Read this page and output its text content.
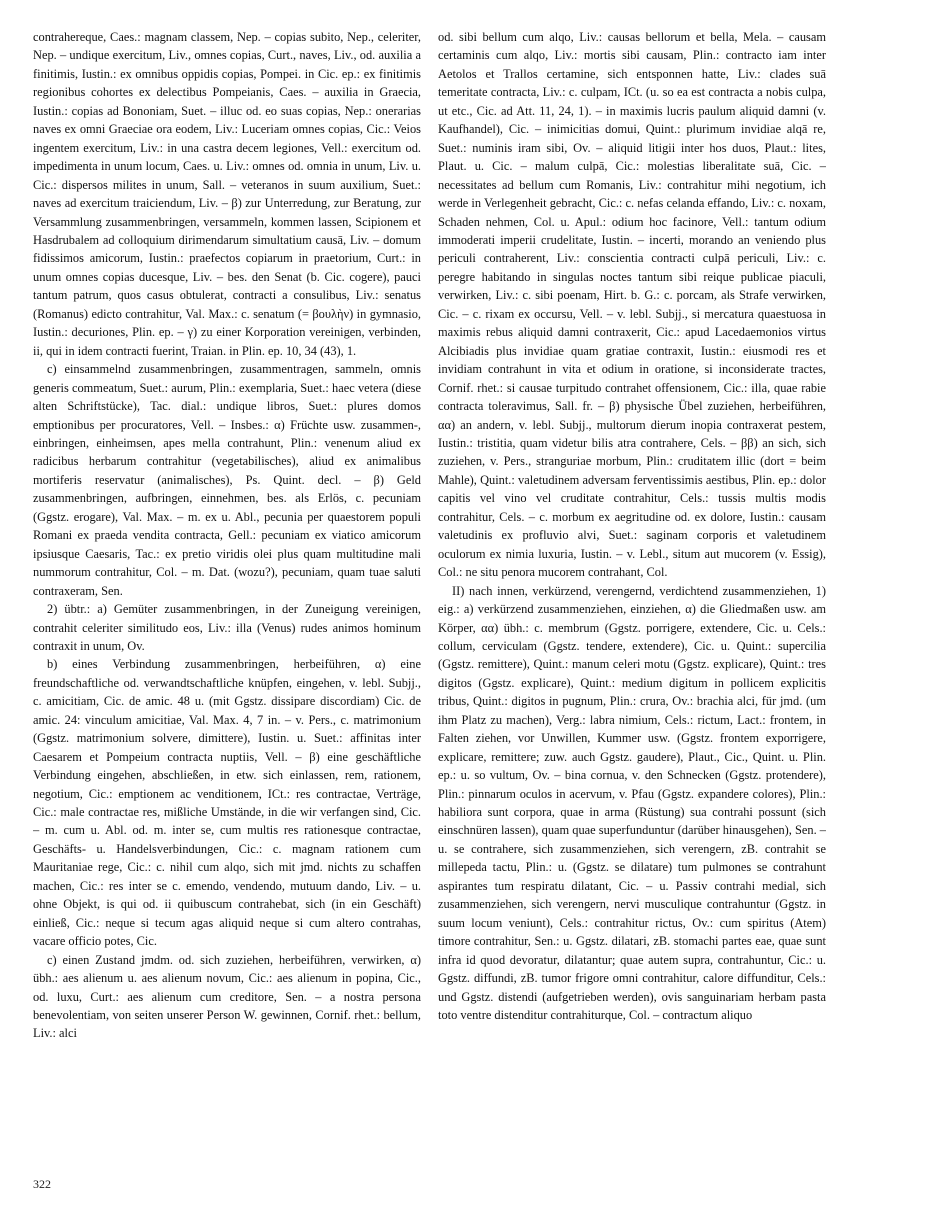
contrahereque, Caes.: magnam classem, Nep. – copias subito, Nep., celeriter, Nep. – undique exercitum, Liv., omnes copias, Curt., naves, Liv., od. auxilia a finitimis, Iustin.: ex omnibus oppidis copias, Pompei. in Cic. ep.: ex finitimis regionibus cohortes ex delectibus Pompeianis, Caes. – auxilia in Graecia, Iustin.: copias ad Bononiam, Suet. – illuc od. eo suas copias, Nep.: onerarias naves ex omni Graeciae ora eodem, Liv.: Luceriam omnes copias, Cic.: Veios ingentem exercitum, Liv.: in una castra decem legiones, Vell.: exercitum od. impedimenta in unum locum, Caes. u. Liv.: omnes od. omnia in unum, Liv. u. Cic.: dispersos milites in unum, Sall. – veteranos in suum auxilium, Suet.: naves ad exercitum traiciendum, Liv. – β) zur Unterredung, zur Beratung, zur Versammlung zusammenbringen, versammeln, kommen lassen, Scipionem et Hasdrubalem ad colloquium dirimendarum simultatium causā, Liv. – domum fidissimos amicorum, Iustin.: praefectos copiarum in praetorium, Curt.: in unum omnes copias ducesque, Liv. – bes. den Senat (b. Cic. cogere), pauci tantum patrum, quos casus obtulerat, contracti a consulibus, Liv.: senatus (Romanus) edicto contrahitur, Val. Max.: c. senatum (= βουλὴν) in gymnasio, Iustin.: decuriones, Plin. ep. – γ) zu einer Korporation vereinigen, verbinden, ii, qui in idem contracti fuerint, Traian. in Plin. ep. 10, 34 (43), 1.

c) einsammelnd zusammenbringen, zusammentragen, sammeln, omnis generis commeatum, Suet.: aurum, Plin.: exemplaria, Suet.: haec vetera (diese alten Schriftstücke), Tac. dial.: undique libros, Suet.: plures domos emptionibus per procuratores, Vell. – Insbes.: α) Früchte usw. zusammen-, einbringen, einheimsen, apes mella contrahunt, Plin.: venenum aliud ex radicibus herbarum contrahitur (vegetabilisches), aliud ex animalibus mortiferis reservatur (animalisches), Ps. Quint. decl. – β) Geld zusammenbringen, aufbringen, einnehmen, bes. als Erlös, c. pecuniam (Ggstz. erogare), Val. Max. – m. ex u. Abl., pecunia per quaestorem populi Romani ex praeda vendita contracta, Gell.: pecuniam ex viatico amicorum ipsiusque Caesaris, Tac.: ex pretio viridis olei plus quam multitudine mali nummorum contrahitur, Col. – m. Dat. (wozu?), pecuniam, quam tuae saluti contraxeram, Sen.

2) übtr.: a) Gemüter zusammenbringen, in der Zuneigung vereinigen, contrahit celeriter similitudo eos, Liv.: illa (Venus) rudes animos hominum contraxit in unum, Ov.

b) eines Verbindung zusammenbringen, herbeiführen, α) eine freundschaftliche od. verwandtschaftliche knüpfen, eingehen, v. lebl. Subjj., c. amicitiam, Cic. de amic. 48 u. (mit Ggstz. dissipare discordiam) Cic. de amic. 24: vinculum amicitiae, Val. Max. 4, 7 in. – v. Pers., c. matrimonium (Ggstz. matrimonium solvere, dimittere), Iustin. u. Suet.: affinitas inter Caesarem et Pompeium contracta nuptiis, Vell. – β) eine geschäftliche Verbindung eingehen, abschließen, in etw. sich einlassen, rem, rationem, negotium, Cic.: emptionem ac venditionem, ICt.: res contractae, Verträge, Cic.: male contractae res, mißliche Umstände, in die wir verfangen sind, Cic. – m. cum u. Abl. od. m. inter se, cum multis res rationesque contractae, Geschäfts- u. Handelsverbindungen, Cic.: c. magnam rationem cum Mauritaniae rege, Cic.: c. nihil cum alqo, sich mit jmd. nichts zu schaffen machen, Cic.: res inter se c. emendo, vendendo, mutuum dando, Liv. – u. ohne Objekt, is qui od. ii quibuscum contrahebat, sich (in ein Geschäft) einließ, Cic.: neque si tecum agas aliquid neque si cum altero contrahas, vacare officio potes, Cic.

c) einen Zustand jmdm. od. sich zuziehen, herbeiführen, verwirken, α) übh.: aes alienum u. aes alienum novum, Cic.: aes alienum in popina, Cic., od. luxu, Curt.: aes alienum cum creditore, Sen. – a nostra persona benevolentiam, von seiten unserer Person W. gewinnen, Cornif. rhet.: bellum, Liv.: alci

od. sibi bellum cum alqo, Liv.: causas bellorum et bella, Mela. – causam certaminis cum alqo, Liv.: mortis sibi causam, Plin.: contracto iam inter Aetolos et Trallos certamine, sich entsponnen hatte, Liv.: clades suā temeritate contracta, Liv.: c. culpam, ICt. (u. so ea est contracta a nobis culpa, ut etc., Cic. ad Att. 11, 24, 1). – in maximis lucris paulum aliquid damni (v. Kaufhandel), Cic. – inimicitias domui, Quint.: plurimum invidiae alqā re, Suet.: numinis iram sibi, Ov. – aliquid litigii inter hos duos, Plaut.: lites, Plaut. u. Cic. – malum culpā, Cic.: molestias liberalitate suā, Cic. – necessitates ad bellum cum Romanis, Liv.: contrahitur mihi negotium, ich werde in Verlegenheit gebracht, Cic.: c. nefas celanda effando, Liv.: c. noxam, Schaden nehmen, Col. u. Apul.: odium hoc facinore, Vell.: tantum odium immoderati imperii crudelitate, Iustin. – incerti, morando an veniendo plus periculi contraherent, Liv.: conscientia contracti culpā periculi, Liv.: c. peregre habitando in singulas noctes tantum sibi reique publicae piaculi, verwirken, Liv.: c. sibi poenam, Hirt. b. G.: c. porcam, als Strafe verwirken, Cic. – c. rixam ex occursu, Vell. – v. lebl. Subjj., si mercatura quaestuosa in maximis rebus aliquid damni contraxerit, Cic.: apud Lacedaemonios virtus Alcibiadis plus invidiae quam gratiae contraxit, Iustin.: eiusmodi res et invidiam contrahunt in vita et odium in oratione, si inconsiderate tractes, Cornif. rhet.: si causae turpitudo contrahet offensionem, Cic.: illa, quae rabie contracta toleravimus, Sall. fr. – β) physische Übel zuziehen, herbeiführen, αα) an andern, v. lebl. Subjj., multorum dierum inopia contraxerat pestem, Iustin.: tristitia, quam videtur bilis atra contrahere, Cels. – ββ) an sich, sich zuziehen, v. Pers., stranguriae morbum, Plin.: cruditatem illic (dort = beim Mahle), Quint.: valetudinem adversam ferventissimis aestibus, Plin. ep.: dolor capitis vel vino vel cruditate contrahitur, Cels.: tussis multis modis contrahitur, Cels. – c. morbum ex aegritudine od. ex dolore, Iustin.: causam valetudinis ex profluvio alvi, Suet.: saginam corporis et valetudinem oculorum ex nimia luxuria, Iustin. – v. Lebl., situm aut mucorem (v. Essig), Col.: ne situ penora mucorem contrahant, Col.

II) nach innen, verkürzend, verengernd, verdichtend zusammenziehen, 1) eig.: a) verkürzend zusammenziehen, einziehen, α) die Gliedmaßen usw. am Körper, αα) übh.: c. membrum (Ggstz. porrigere, extendere, Cic. u. Cels.: collum, cerviculam (Ggstz. tendere, extendere), Cic. u. Quint.: supercilia (Ggstz. remittere), Quint.: manum celeri motu (Ggstz. explicare), Quint.: tres digitos (Ggstz. explicare), Quint.: medium digitum in pollicem explicitis tribus, Quint.: digitos in pugnum, Plin.: crura, Ov.: brachia alci, für jmd. (um ihm Platz zu machen), Verg.: labra nimium, Cels.: rictum, Lact.: frontem, in Falten ziehen, vor Unwillen, Kummer usw. (Ggstz. frontem exporrigere, explicare, remittere; zuw. auch Ggstz. gaudere), Plaut., Cic., Quint. u. Plin. ep.: u. so vultum, Ov. – bina cornua, v. den Schnecken (Ggstz. protendere), Plin.: pinnarum oculos in acervum, v. Pfau (Ggstz. expandere colores), Plin.: habiliora sunt corpora, quae in arma (Rüstung) sua contrahi possunt (sich einschnüren lassen), quam quae superfunduntur (darüber hinausgehen), Sen. – u. se contrahere, sich zusammenziehen, sich verengern, zB. contrahit se millepeda tactu, Plin.: u. (Ggstz. se dilatare) tum pulmones se contrahunt aspirantes tum respiratu dilatant, Cic. – u. Passiv contrahi medial, sich zusammenziehen, sich verengern, nervi musculique contrahuntur (Ggstz. in suum locum veniunt), Cels.: contrahitur rictus, Ov.: cum spiritus (Atem) timore contrahitur, Sen.: u. Ggstz. dilatari, zB. stomachi partes eae, quae sunt infra id quod devoratur, dilatantur; quae autem supra, contrahuntur, Cic.: u. Ggstz. diffundi, zB. tumor frigore omni contrahitur, calore diffunditur, Cels.: und Ggstz. distendi (aufgetrieben werden), ovis sanguinariam herbam pasta toto ventre distenditur contrahiturque, Col. – contractum aliquo

322
